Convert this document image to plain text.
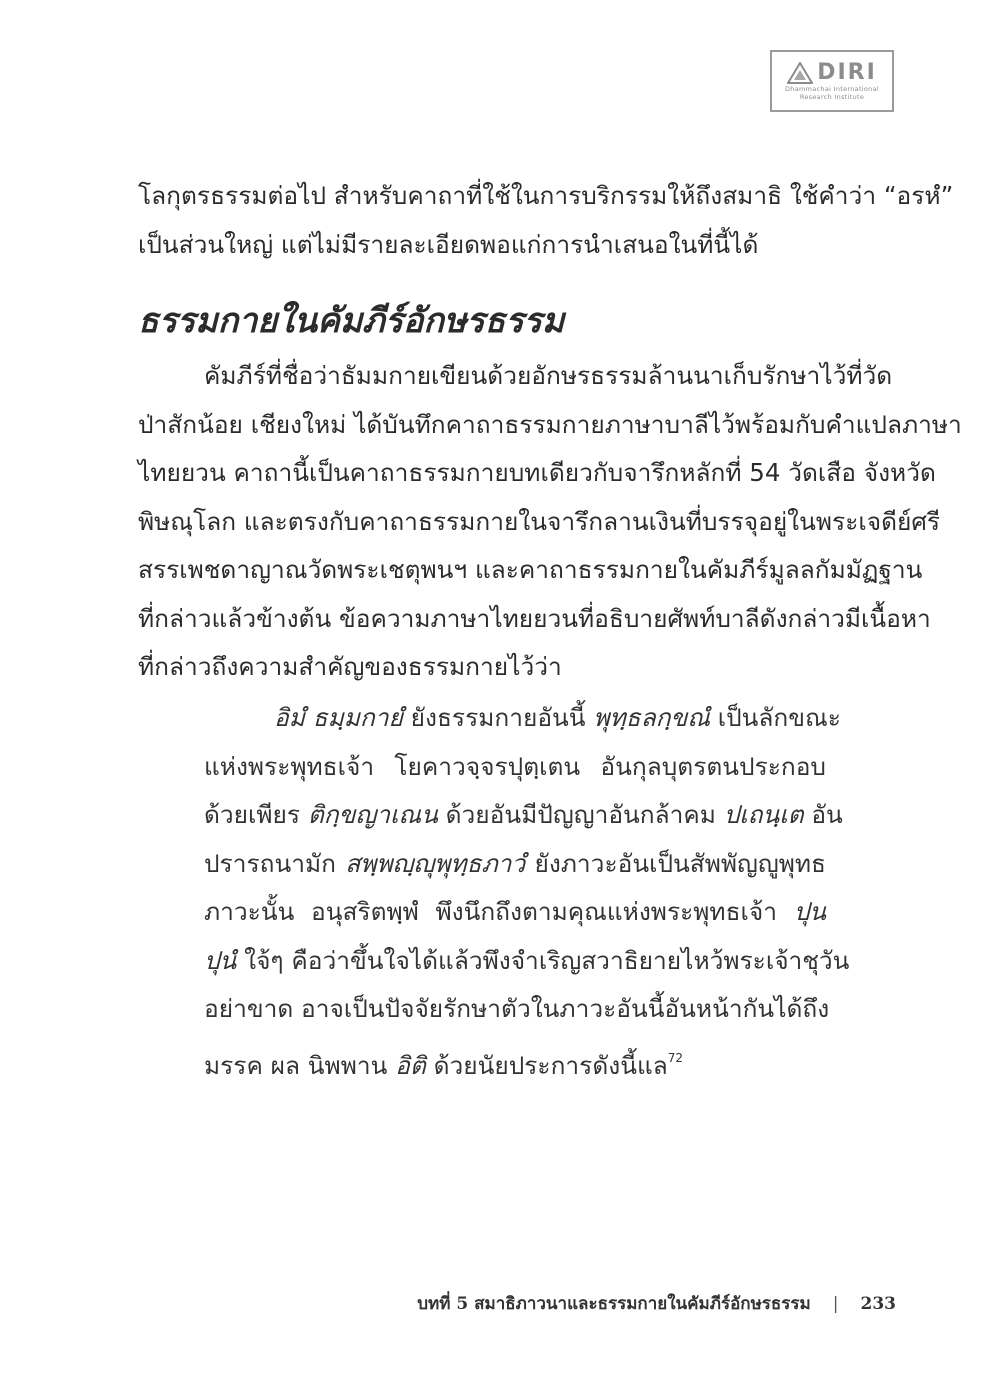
DIRI
Dhammachai International
Research Institute
โลกุตรธรรมต่อไป สำหรับคาถาที่ใช้ในการบริกรรมให้ถึงสมาธิ ใช้คำว่า “อรหํ”
เป็นส่วนใหญ่ แต่ไม่มีรายละเอียดพอแก่การนำเสนอในที่นี้ได้
ธรรมกายในคัมภีร์อักษรธรรม
คัมภีร์ที่ชื่อว่าธัมมกายเขียนด้วยอักษรธรรมล้านนาเก็บรักษาไว้ที่วัด
ป่าสักน้อย เชียงใหม่ ได้บันทึกคาถาธรรมกายภาษาบาลีไว้พร้อมกับคำแปลภาษา
ไทยยวน คาถานี้เป็นคาถาธรรมกายบทเดียวกับจารึกหลักที่ 54 วัดเสือ จังหวัด
พิษณุโลก และตรงกับคาถาธรรมกายในจารึกลานเงินที่บรรจุอยู่ในพระเจดีย์ศรี
สรรเพชดาญาณวัดพระเชตุพนฯ และคาถาธรรมกายในคัมภีร์มูลลกัมมัฏฐาน
ที่กล่าวแล้วข้างต้น ข้อความภาษาไทยยวนที่อธิบายศัพท์บาลีดังกล่าวมีเนื้อหา
ที่กล่าวถึงความสำคัญของธรรมกายไว้ว่า
อิมํ ธมฺมกายํ ยังธรรมกายอันนี้ พุทฺธลกฺขณํ เป็นลักขณะ
แห่งพระพุทธเจ้า โยคาวจฺจรปุตฺเตน อันกุลบุตรตนประกอบ
ด้วยเพียร ติกฺขญาเณน ด้วยอันมีปัญญาอันกล้าคม ปเถนฺเต อัน
ปรารถนามัก สพฺพญฺญุพุทฺธภาวํ ยังภาวะอันเป็นสัพพัญญูพุทธ
ภาวะนั้น อนุสริตพฺพํ พึงนึกถึงตามคุณแห่งพระพุทธเจ้า ปุน
ปุนํ ใจ้ๆ คือว่าขึ้นใจได้แล้วพึงจำเริญสวาธิยายไหว้พระเจ้าชุวัน
อย่าขาด อาจเป็นปัจจัยรักษาตัวในภาวะอันนี้อันหน้ากันได้ถึง
มรรค ผล นิพพาน อิติ ด้วยนัยประการดังนี้แล$^{72}$
บทที่ 5 สมาธิภาวนาและธรรมกายในคัมภีร์อักษรธรรม | 233
